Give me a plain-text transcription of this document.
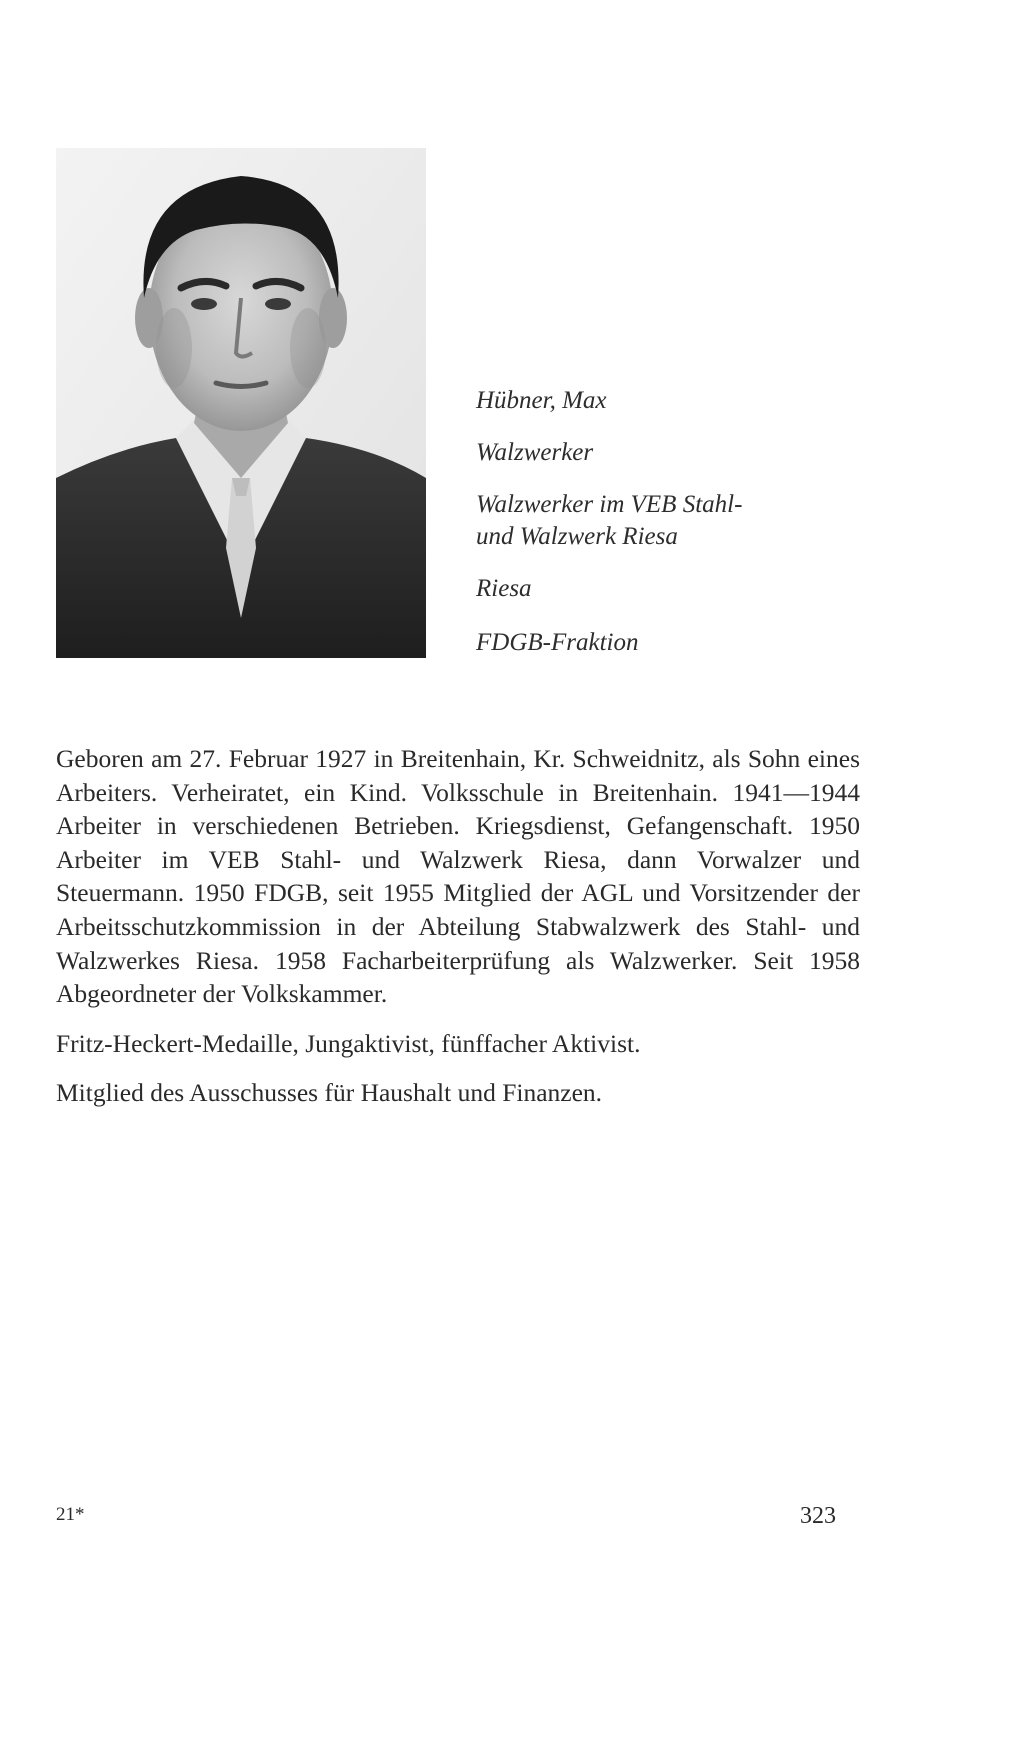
Hübner, Max

Walzwerker

Walzwerker im VEB Stahl-

und Walzwerk Riesa

Riesa

FDGB-Fraktion

Geboren am 27. Februar 1927 in Breitenhain, Kr. Schweidnitz, als Sohn eines Arbeiters. Verheiratet, ein Kind. Volksschule in Breitenhain. 1941—1944 Arbeiter in verschiedenen Betrieben. Kriegsdienst, Gefangenschaft. 1950 Arbeiter im VEB Stahl- und Walzwerk Riesa, dann Vorwalzer und Steuermann. 1950 FDGB, seit 1955 Mitglied der AGL und Vorsitzender der Arbeitsschutzkommission in der Abteilung Stabwalzwerk des Stahl- und Walzwerkes Riesa. 1958 Facharbeiterprüfung als Walzwerker. Seit 1958 Abgeordneter der Volkskammer.

Fritz-Heckert-Medaille, Jungaktivist, fünffacher Aktivist.

Mitglied des Ausschusses für Haushalt und Finanzen.

21*	323
